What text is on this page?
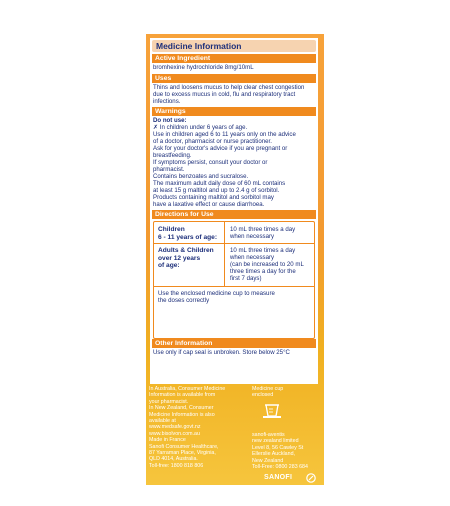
Medicine Information
Active Ingredient
bromhexine hydrochloride 8mg/10mL
Uses
Thins and loosens mucus to help clear chest congestion
due to excess mucus in cold, flu and respiratory tract
infections.
Warnings
Do not use:
✗ In children under 6 years of age.
Use in children aged 6 to 11 years only on the advice
of a doctor, pharmacist or nurse practitioner.
Ask for your doctor's advice if you are pregnant or
breastfeeding.
If symptoms persist, consult your doctor or
pharmacist.
Contains benzoates and sucralose.
The maximum adult daily dose of 60 mL contains
at least 15 g maltitol and up to 2.4 g of sorbitol.
Products containing maltitol and sorbitol may
have a laxative effect or cause diarrhoea.
Directions for Use
Children
6 - 11 years of age:
10 mL three times a day
when necessary
Adults & Children
over 12 years
of age:
10 mL three times a day
when necessary
(can be increased to 20 mL
three times a day for the
first 7 days)
Use the enclosed medicine cup to measure
the doses correctly
Other Information
Use only if cap seal is unbroken. Store below 25°C
In Australia, Consumer Medicine
Information is available from
your pharmacist.
In New Zealand, Consumer
Medicine Information is also
available at
www.medsafe.govt.nz
www.bisolvon.com.au
Made in France
Sanofi Consumer Healthcare,
87 Yarraman Place, Virginia,
QLD 4014, Australia.
Toll-free: 1800 818 806
Medicine cup
enclosed
sanofi-aventis
new zealand limited
Level 8, 56 Cawley St
Ellerslie Auckland,
New Zealand
Toll-Free: 0800 283 684
SANOFI
